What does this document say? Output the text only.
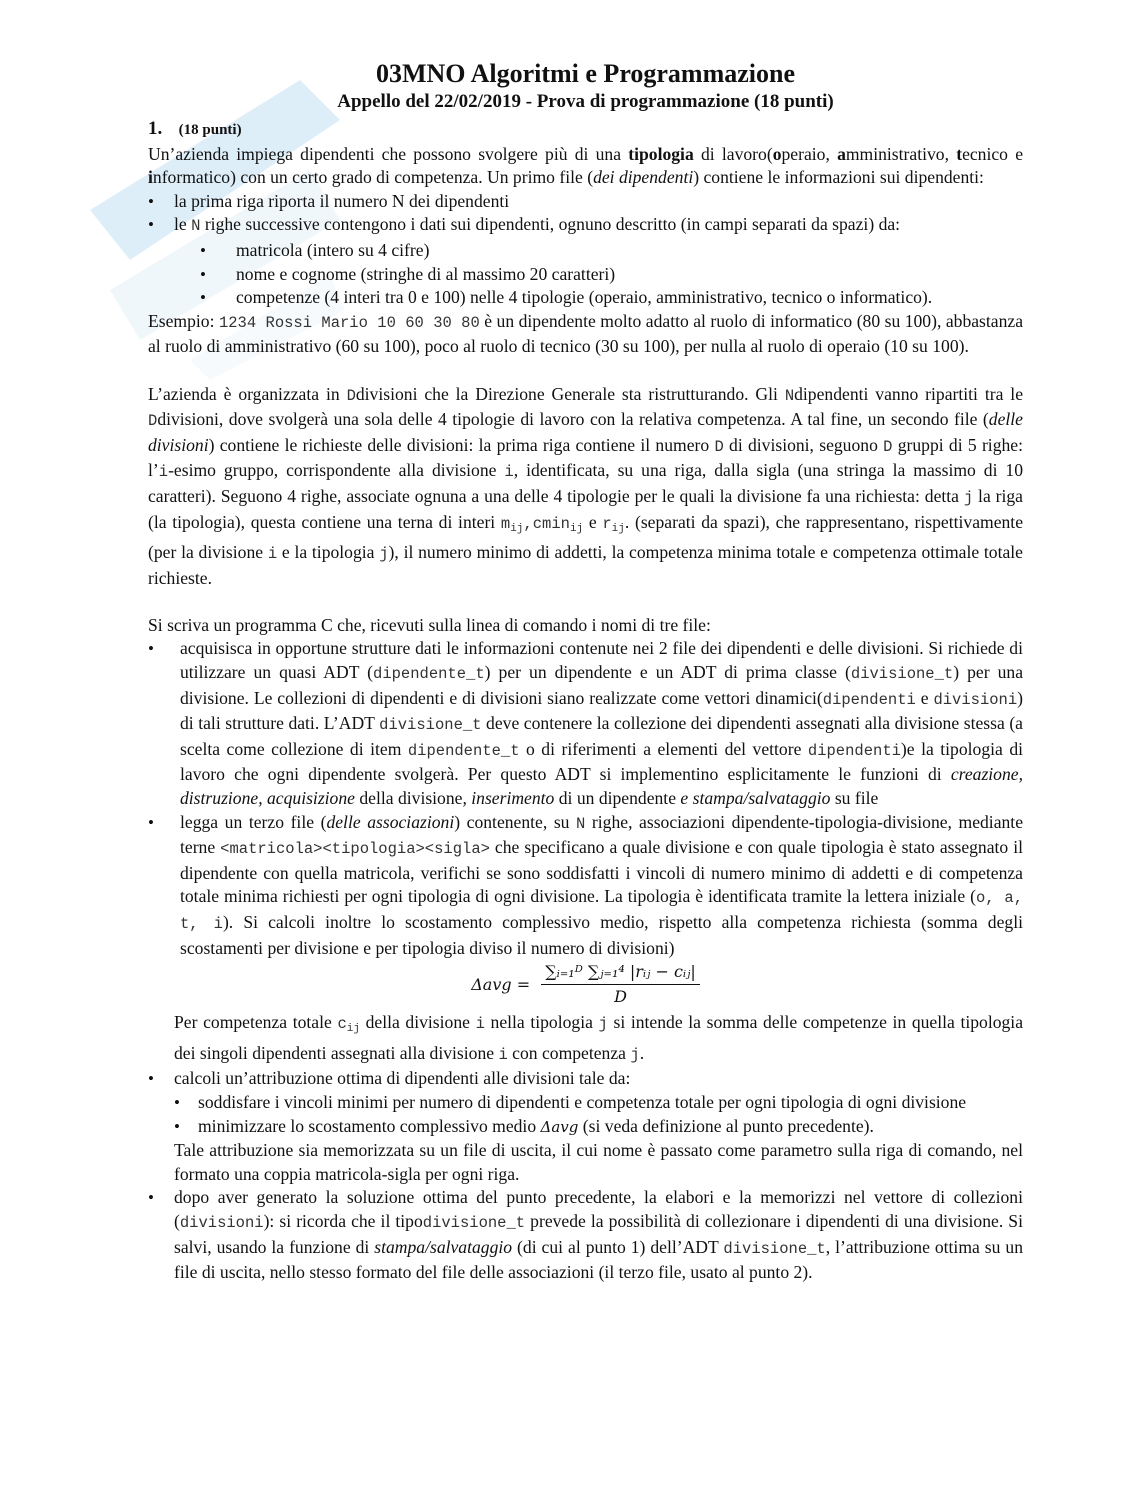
03MNO Algoritmi e Programmazione
Appello del 22/02/2019 - Prova di programmazione (18 punti)
1. (18 punti)

Un’azienda impiega dipendenti che possono svolgere più di una tipologia di lavoro(operaio, amministrativo, tecnico e informatico) con un certo grado di competenza. Un primo file (dei dipendenti) contiene le informazioni sui dipendenti:

• la prima riga riporta il numero N dei dipendenti
• le N righe successive contengono i dati sui dipendenti, ognuno descritto (in campi separati da spazi) da:
• matricola (intero su 4 cifre)
• nome e cognome (stringhe di al massimo 20 caratteri)
• competenze (4 interi tra 0 e 100) nelle 4 tipologie (operaio, amministrativo, tecnico o informatico).

Esempio: 1234 Rossi Mario 10 60 30 80 è un dipendente molto adatto al ruolo di informatico (80 su 100), abbastanza al ruolo di amministrativo (60 su 100), poco al ruolo di tecnico (30 su 100), per nulla al ruolo di operaio (10 su 100).

L’azienda è organizzata in Ddivisioni che la Direzione Generale sta ristrutturando. Gli Ndipendenti vanno ripartiti tra le Ddivisioni, dove svolgerà una sola delle 4 tipologie di lavoro con la relativa competenza. A tal fine, un secondo file (delle divisioni) contiene le richieste delle divisioni: la prima riga contiene il numero D di divisioni, seguono D gruppi di 5 righe: l’i-esimo gruppo, corrispondente alla divisione i, identificata, su una riga, dalla sigla (una stringa la massimo di 10 caratteri). Seguono 4 righe, associate ognuna a una delle 4 tipologie per le quali la divisione fa una richiesta: detta j la riga (la tipologia), questa contiene una terna di interi $m_{ij},cmin_{ij}$ e $r_{ij}$. (separati da spazi), che rappresentano, rispettivamente (per la divisione i e la tipologia j), il numero minimo di addetti, la competenza minima totale e competenza ottimale totale richieste.

Si scriva un programma C che, ricevuti sulla linea di comando i nomi di tre file:

• acquisisca in opportune strutture dati le informazioni contenute nei 2 file dei dipendenti e delle divisioni. Si richiede di utilizzare un quasi ADT (dipendente_t) per un dipendente e un ADT di prima classe (divisione_t) per una divisione. Le collezioni di dipendenti e di divisioni siano realizzate come vettori dinamici(dipendenti e divisioni) di tali strutture dati. L’ADT divisione_t deve contenere la collezione dei dipendenti assegnati alla divisione stessa (a scelta come collezione di item dipendente_t o di riferimenti a elementi del vettore dipendenti)e la tipologia di lavoro che ogni dipendente svolgerà. Per questo ADT si implementino esplicitamente le funzioni di creazione, distruzione, acquisizione della divisione, inserimento di un dipendente e stampa/salvataggio su file
• legga un terzo file (delle associazioni) contenente, su N righe, associazioni dipendente-tipologia-divisione, mediante terne <matricola><tipologia><sigla> che specificano a quale divisione e con quale tipologia è stato assegnato il dipendente con quella matricola, verifichi se sono soddisfatti i vincoli di numero minimo di addetti e di competenza totale minima richiesti per ogni tipologia di ogni divisione. La tipologia è identificata tramite la lettera iniziale (o, a, t, i). Si calcoli inoltre lo scostamento complessivo medio, rispetto alla competenza richiesta (somma degli scostamenti per divisione e per tipologia diviso il numero di divisioni)
$\Delta avg = \frac{\text{∑ᵢ₌₁ᴰ ∑ⱼ₌₁⁴ |rᵢⱼ − cᵢⱼ|}}{D}$

Per competenza totale $c_{ij}$ della divisione i nella tipologia j si intende la somma delle competenze in quella tipologia dei singoli dipendenti assegnati alla divisione i con competenza j.

• calcoli un’attribuzione ottima di dipendenti alle divisioni tale da:
• soddisfare i vincoli minimi per numero di dipendenti e competenza totale per ogni tipologia di ogni divisione
• minimizzare lo scostamento complessivo medio Δavg (si veda definizione al punto precedente).
Tale attribuzione sia memorizzata su un file di uscita, il cui nome è passato come parametro sulla riga di comando, nel formato una coppia matricola-sigla per ogni riga.
• dopo aver generato la soluzione ottima del punto precedente, la elabori e la memorizzi nel vettore di collezioni (divisioni): si ricorda che il tipodivisione_t prevede la possibilità di collezionare i dipendenti di una divisione. Si salvi, usando la funzione di stampa/salvataggio (di cui al punto 1) dell’ADT divisione_t, l’attribuzione ottima su un file di uscita, nello stesso formato del file delle associazioni (il terzo file, usato al punto 2).
